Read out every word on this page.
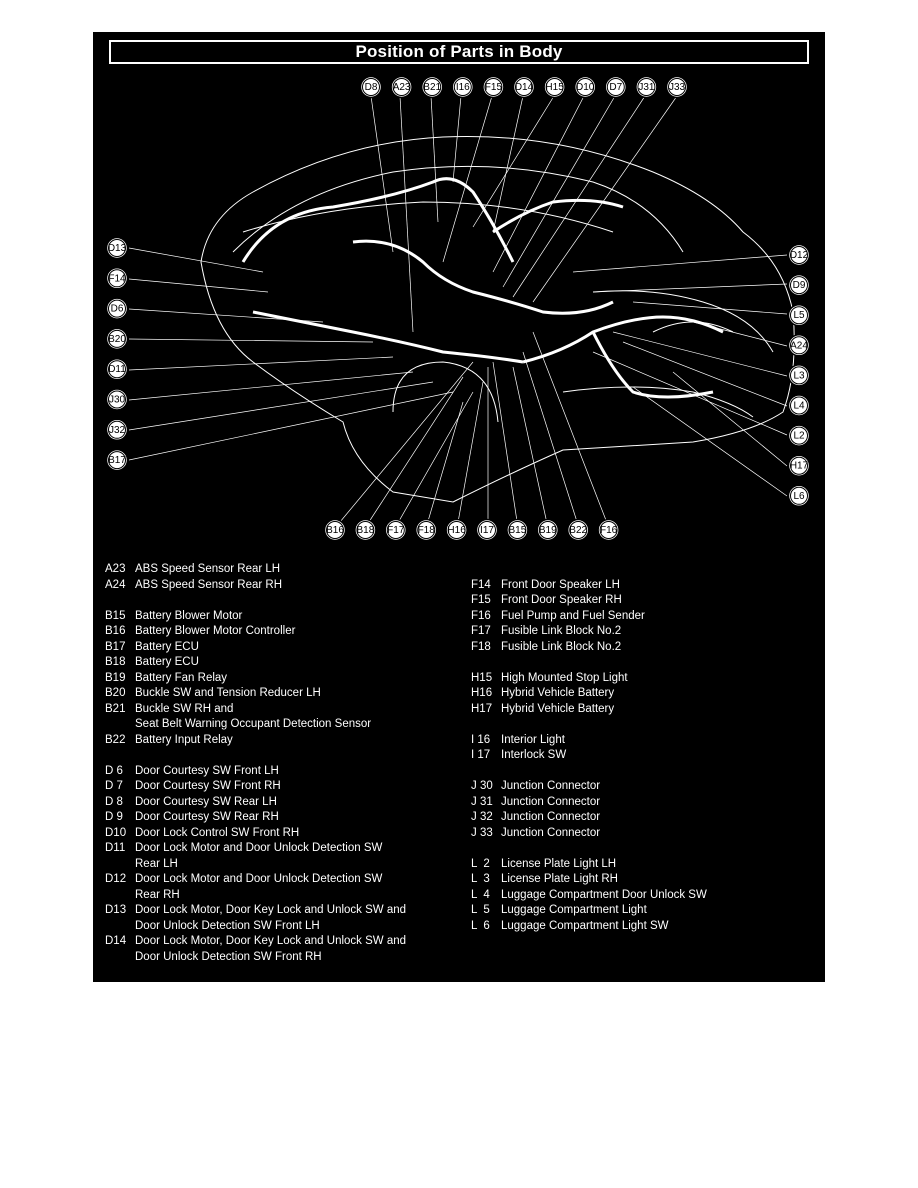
Position of Parts in Body
D8 A23 B21 I16 F15 D14 H15 D10 D7 J31 J33
D13
F14
D6
B20
D11
J30
J32
B17
D12
D9
L5
A24
L3
L4
L2
H17
L6
B16 B18 F17 F18 H16 I17 B15 B19 B22 F16
A23 ABS Speed Sensor Rear LH
A24 ABS Speed Sensor Rear RH
B15 Battery Blower Motor
B16 Battery Blower Motor Controller
B17 Battery ECU
B18 Battery ECU
B19 Battery Fan Relay
B20 Buckle SW and Tension Reducer LH
B21 Buckle SW RH and
Seat Belt Warning Occupant Detection Sensor
B22 Battery Input Relay
D 6	Door Courtesy SW Front LH
D 7	Door Courtesy SW Front RH
D 8	Door Courtesy SW Rear LH
D 9	Door Courtesy SW Rear RH
D10 Door Lock Control SW Front RH
D11 Door Lock Motor and Door Unlock Detection SW
Rear LH
D12 Door Lock Motor and Door Unlock Detection SW
Rear RH
D13 Door Lock Motor, Door Key Lock and Unlock SW and
Door Unlock Detection SW Front LH
D14 Door Lock Motor, Door Key Lock and Unlock SW and
Door Unlock Detection SW Front RH
F14 Front Door Speaker LH
F15 Front Door Speaker RH
F16 Fuel Pump and Fuel Sender
F17 Fusible Link Block No.2
F18 Fusible Link Block No.2
H15 High Mounted Stop Light
H16 Hybrid Vehicle Battery
H17 Hybrid Vehicle Battery
I 16 Interior Light
I 17 Interlock SW
J 30 Junction Connector
J 31 Junction Connector
J 32 Junction Connector
J 33 Junction Connector
L  2 License Plate Light LH
L  3 License Plate Light RH
L  4 Luggage Compartment Door Unlock SW
L  5 Luggage Compartment Light
L  6 Luggage Compartment Light SW
